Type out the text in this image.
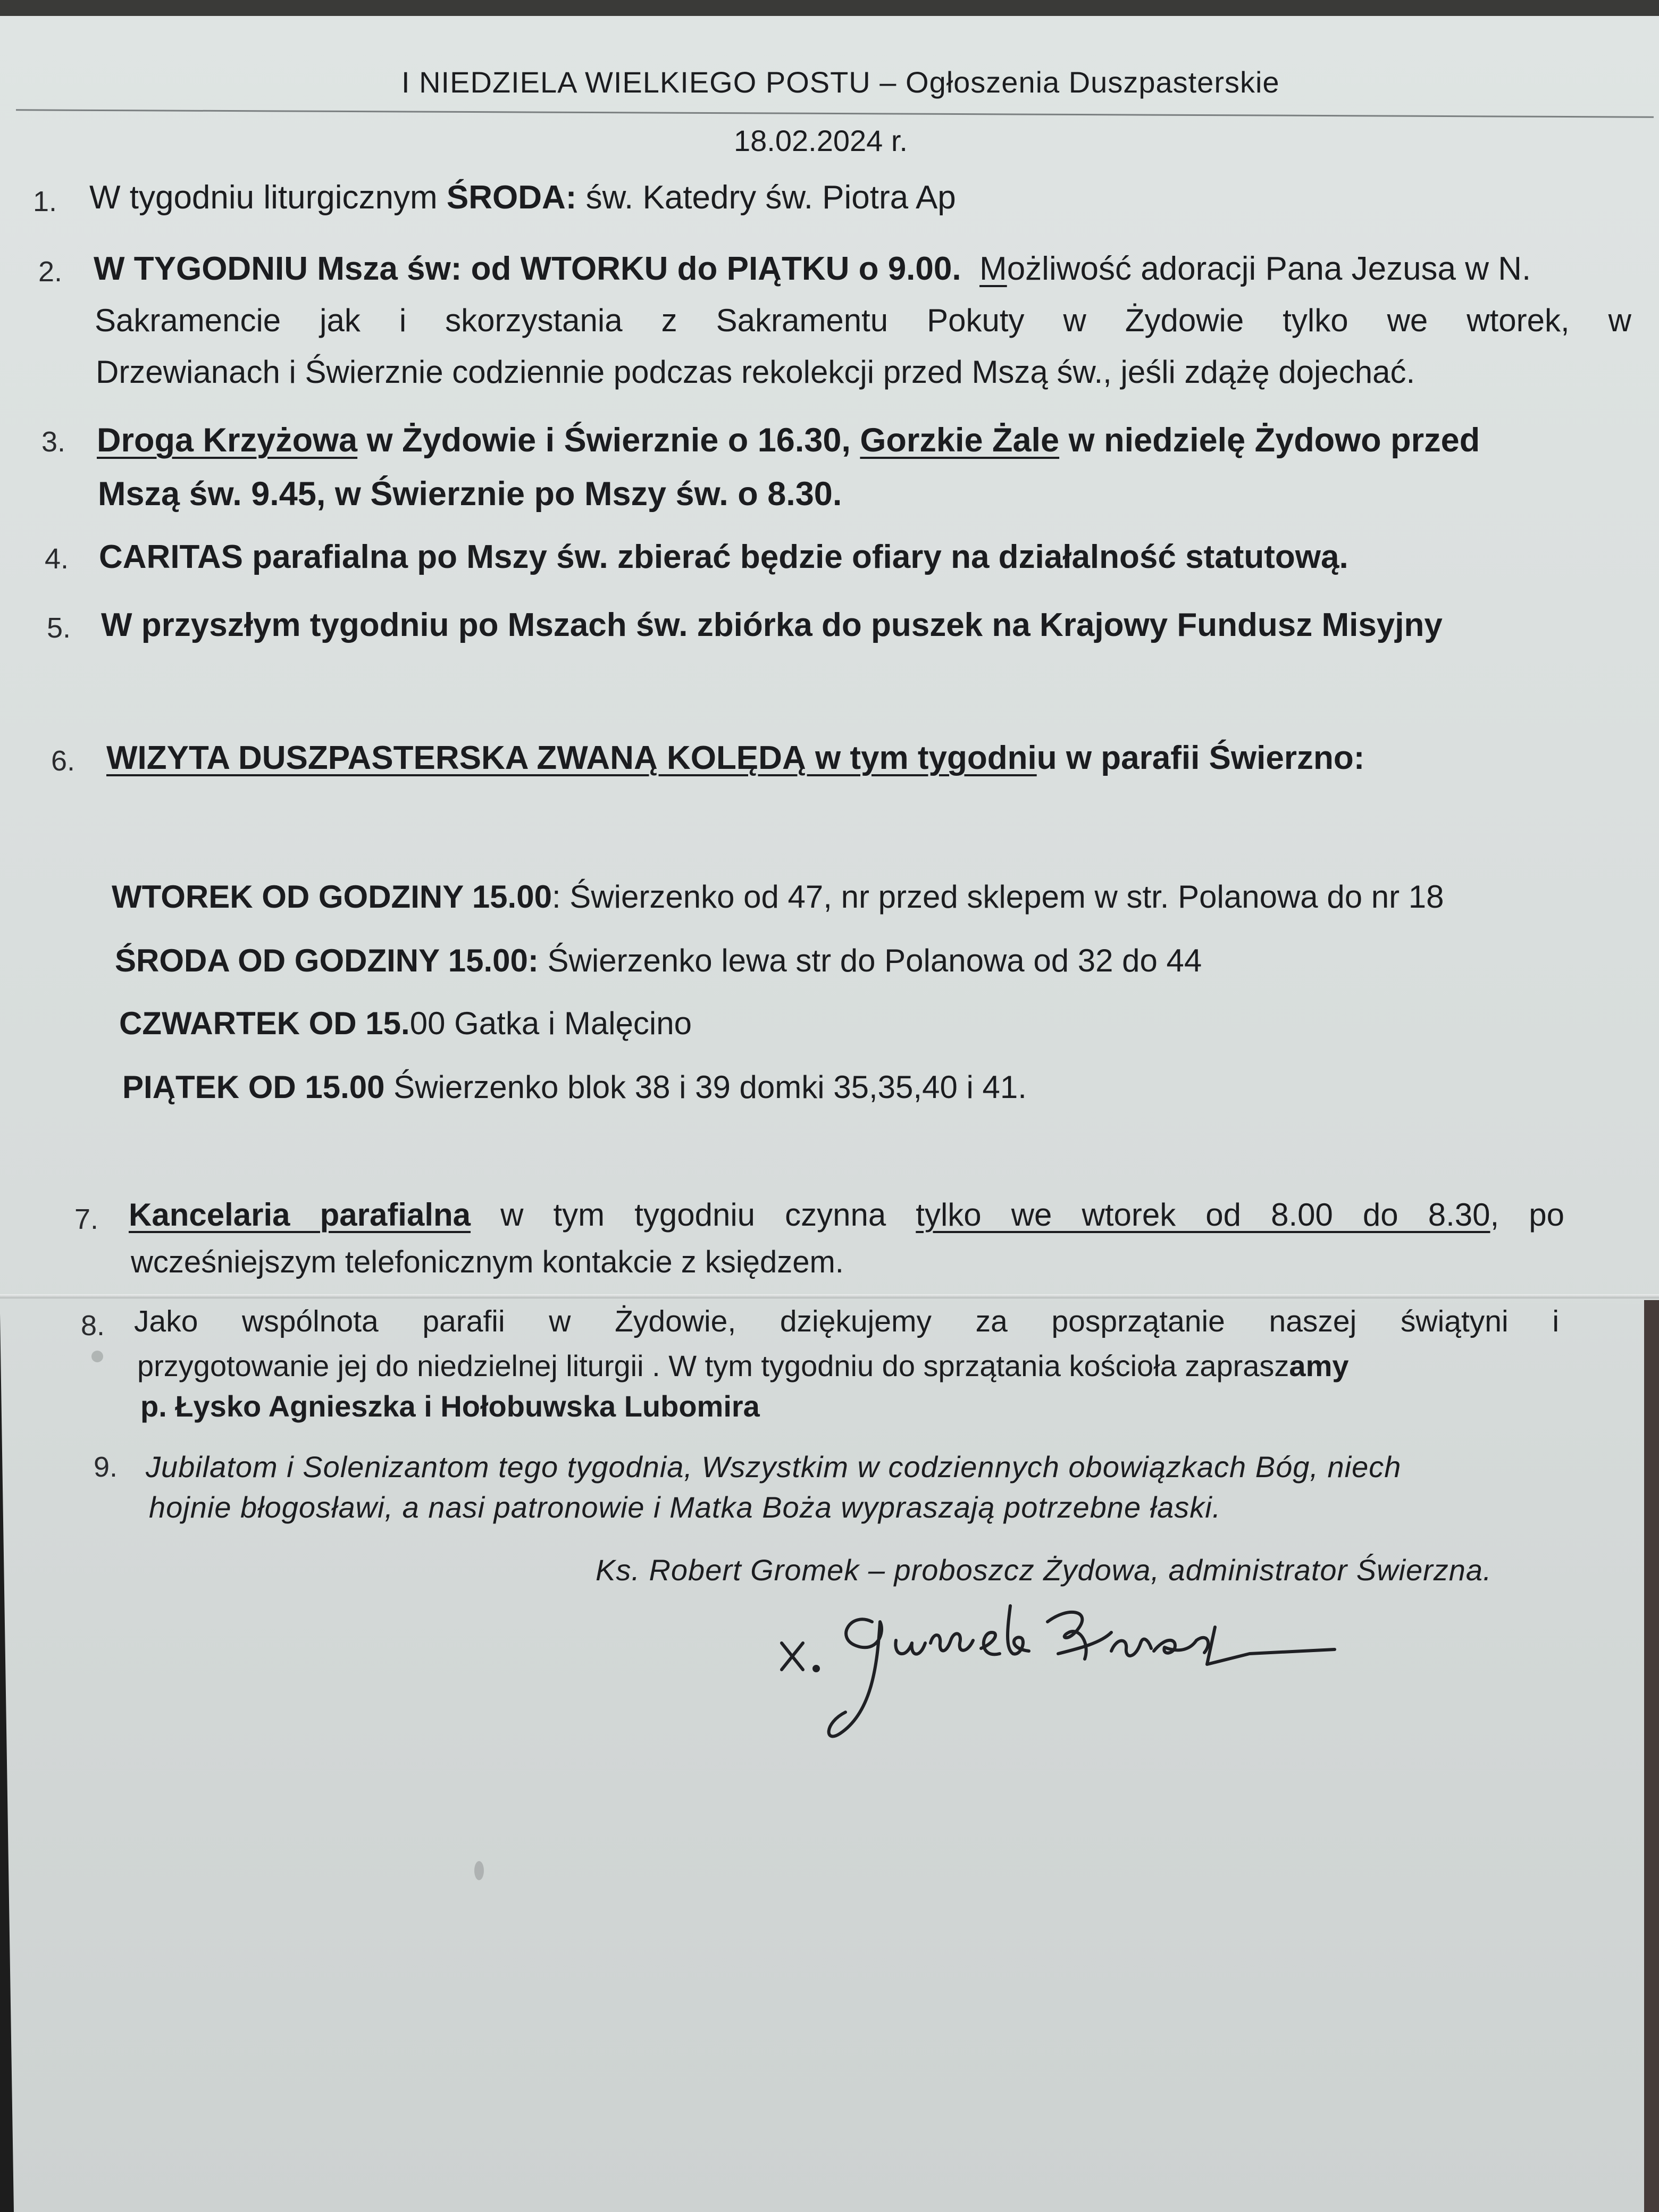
I NIEDZIELA WIELKIEGO POSTU – Ogłoszenia Duszpasterskie
18.02.2024 r.
1. W tygodniu liturgicznym ŚRODA: św. Katedry św. Piotra Ap
2. W TYGODNIU Msza św: od WTORKU do PIĄTKU o 9.00. Możliwość adoracji Pana Jezusa w N.
Sakramencie jak i skorzystania z Sakramentu Pokuty w Żydowie tylko we wtorek, w
Drzewianach i Świerznie codziennie podczas rekolekcji przed Mszą św., jeśli zdążę dojechać.
3. Droga Krzyżowa w Żydowie i Świerznie o 16.30, Gorzkie Żale w niedzielę Żydowo przed
Mszą św. 9.45, w Świerznie po Mszy św. o 8.30.
4. CARITAS parafialna po Mszy św. zbierać będzie ofiary na działalność statutową.
5. W przyszłym tygodniu po Mszach św. zbiórka do puszek na Krajowy Fundusz Misyjny
6. WIZYTA DUSZPASTERSKA ZWANĄ KOLĘDĄ w tym tygodniu w parafii Świerzno:
WTOREK OD GODZINY 15.00: Świerzenko od 47, nr przed sklepem w str. Polanowa do nr 18
ŚRODA OD GODZINY 15.00: Świerzenko lewa str do Polanowa od 32 do 44
CZWARTEK OD 15.00 Gatka i Malęcino
PIĄTEK OD 15.00 Świerzenko blok 38 i 39 domki 35,35,40 i 41.
7. Kancelaria parafialna w tym tygodniu czynna tylko we wtorek od 8.00 do 8.30, po
wcześniejszym telefonicznym kontakcie z księdzem.
8. Jako wspólnota parafii w Żydowie, dziękujemy za posprzątanie naszej świątyni i
przygotowanie jej do niedzielnej liturgii . W tym tygodniu do sprzątania kościoła zapraszamy
p. Łysko Agnieszka i Hołobuwska Lubomira
9. Jubilatom i Solenizantom tego tygodnia, Wszystkim w codziennych obowiązkach Bóg, niech
hojnie błogosławi, a nasi patronowie i Matka Boża wypraszają potrzebne łaski.
Ks. Robert Gromek – proboszcz Żydowa, administrator Świerzna.
